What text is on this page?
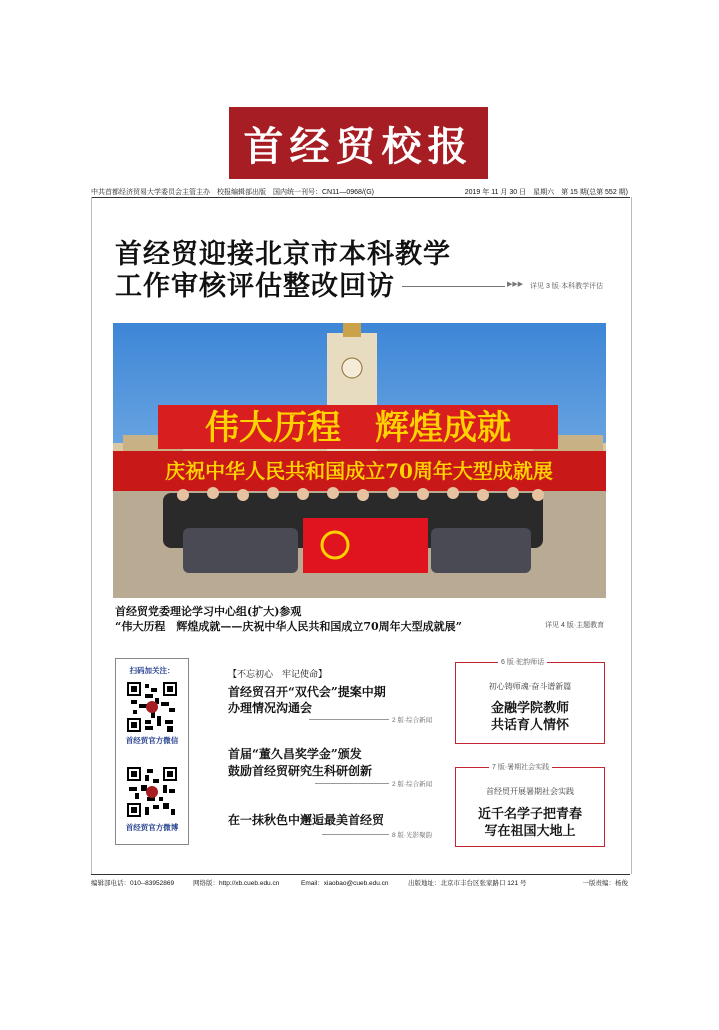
首经贸校报
中共首都经济贸易大学委员会主管主办　校报编辑部出版　国内统一刊号：CN11—0968/(G)	2019 年 11 月 30 日　星期六　第 15 期(总第 552 期)
首经贸迎接北京市本科教学
工作审核评估整改回访	▶▶▶ 详见 3 版·本科教学评估
伟大历程　辉煌成就
庆祝中华人民共和国成立70周年大型成就展
首经贸党委理论学习中心组(扩大)参观
“伟大历程　辉煌成就——庆祝中华人民共和国成立70周年大型成就展”	详见 4 版·主题教育
扫码加关注：
首经贸官方微信
首经贸官方微博
【不忘初心　牢记使命】
首经贸召开“双代会”提案中期
办理情况沟通会
2 版·综合新闻
首届“董久昌奖学金”颁发
鼓励首经贸研究生科研创新
2 版·综合新闻
在一抹秋色中邂逅最美首经贸
8 版·光影聚韵
6 版·驼韵师话
初心铸师魂·奋斗谱新篇
金融学院教师
共话育人情怀
7 版·暑期社会实践
首经贸开展暑期社会实践
近千名学子把青春
写在祖国大地上
编辑部电话：010--83952869	网络版：http://xb.cueb.edu.cn	Email：xiaobao@cueb.edu.cn	出版地址：北京市丰台区张家路口 121 号	一版责编：杨俊
